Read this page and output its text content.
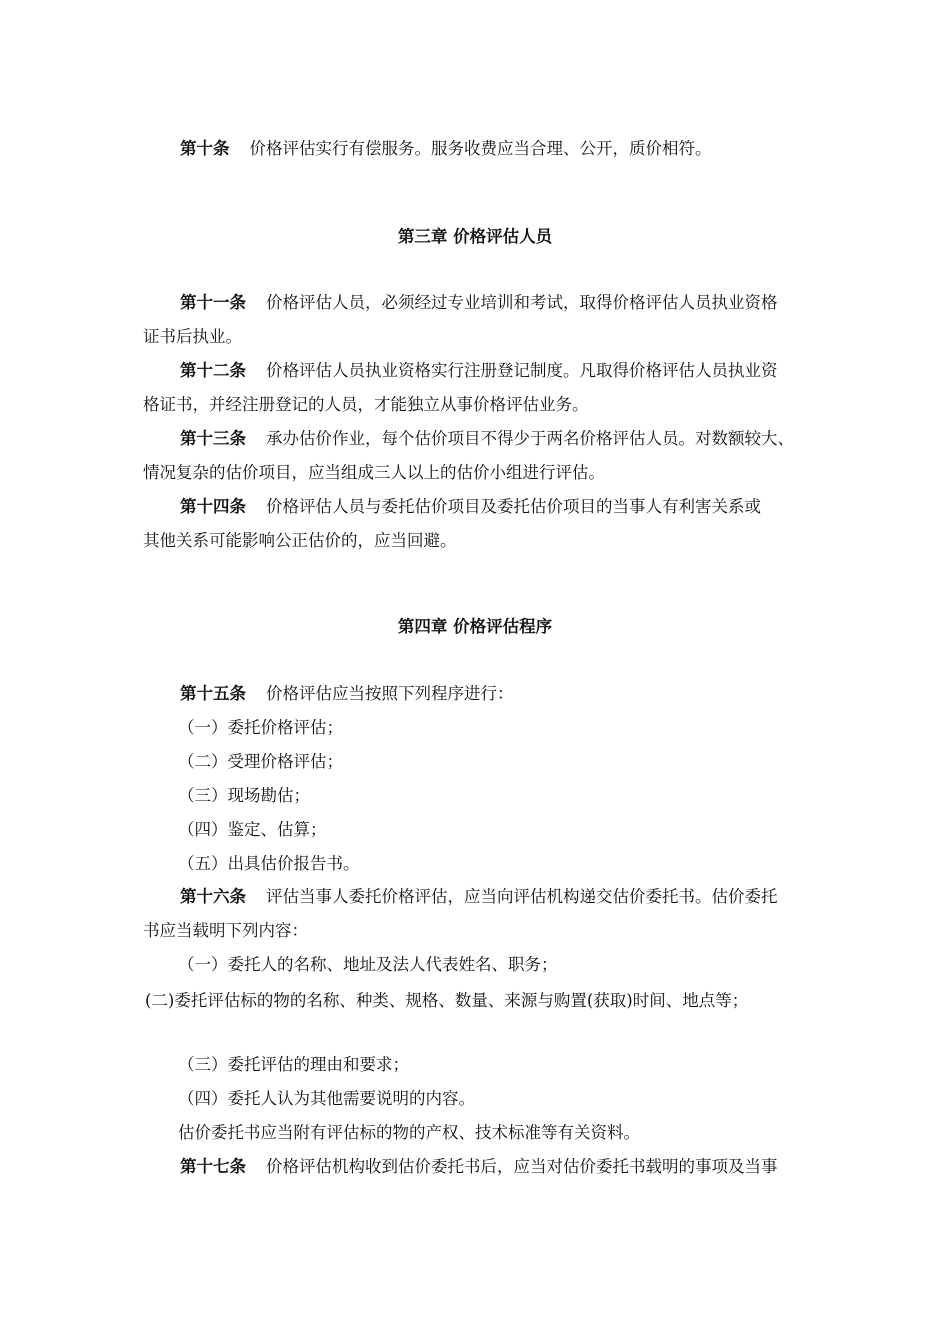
第十条 价格评估实行有偿服务。服务收费应当合理、公开，质价相符。
第三章 价格评估人员
第十一条 价格评估人员，必须经过专业培训和考试，取得价格评估人员执业资格
证书后执业。
第十二条 价格评估人员执业资格实行注册登记制度。凡取得价格评估人员执业资
格证书，并经注册登记的人员，才能独立从事价格评估业务。
第十三条 承办估价作业，每个估价项目不得少于两名价格评估人员。对数额较大、
情况复杂的估价项目，应当组成三人以上的估价小组进行评估。
第十四条 价格评估人员与委托估价项目及委托估价项目的当事人有利害关系或
其他关系可能影响公正估价的，应当回避。
第四章 价格评估程序
第十五条 价格评估应当按照下列程序进行：
（一）委托价格评估；
（二）受理价格评估；
（三）现场勘估；
（四）鉴定、估算；
（五）出具估价报告书。
第十六条 评估当事人委托价格评估，应当向评估机构递交估价委托书。估价委托
书应当载明下列内容：
（一）委托人的名称、地址及法人代表姓名、职务；
(二)委托评估标的物的名称、种类、规格、数量、来源与购置(获取)时间、地点等；
（三）委托评估的理由和要求；
（四）委托人认为其他需要说明的内容。
估价委托书应当附有评估标的物的产权、技术标准等有关资料。
第十七条 价格评估机构收到估价委托书后，应当对估价委托书载明的事项及当事
